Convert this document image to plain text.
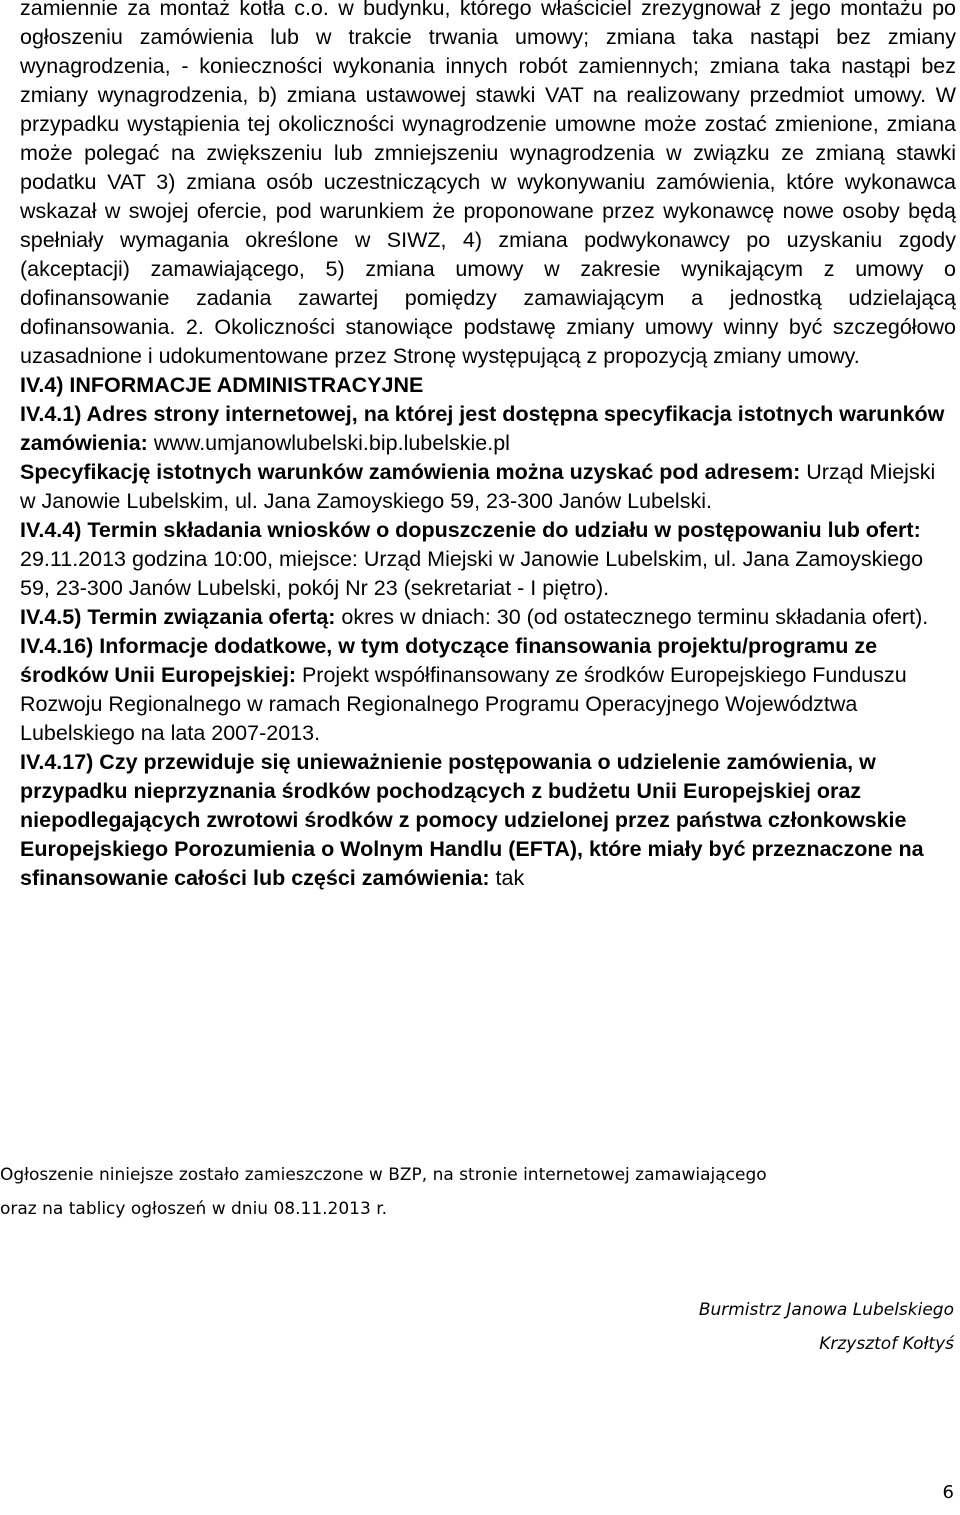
zamiennie za montaż kotła c.o. w budynku, którego właściciel zrezygnował z jego montażu po ogłoszeniu zamówienia lub w trakcie trwania umowy; zmiana taka nastąpi bez zmiany wynagrodzenia, - konieczności wykonania innych robót zamiennych; zmiana taka nastąpi bez zmiany wynagrodzenia, b) zmiana ustawowej stawki VAT na realizowany przedmiot umowy. W przypadku wystąpienia tej okoliczności wynagrodzenie umowne może zostać zmienione, zmiana może polegać na zwiększeniu lub zmniejszeniu wynagrodzenia w związku ze zmianą stawki podatku VAT 3) zmiana osób uczestniczących w wykonywaniu zamówienia, które wykonawca wskazał w swojej ofercie, pod warunkiem że proponowane przez wykonawcę nowe osoby będą spełniały wymagania określone w SIWZ, 4) zmiana podwykonawcy po uzyskaniu zgody (akceptacji) zamawiającego, 5) zmiana umowy w zakresie wynikającym z umowy o dofinansowanie zadania zawartej pomiędzy zamawiającym a jednostką udzielającą dofinansowania. 2. Okoliczności stanowiące podstawę zmiany umowy winny być szczegółowo uzasadnione i udokumentowane przez Stronę występującą z propozycją zmiany umowy.

IV.4) INFORMACJE ADMINISTRACYJNE

IV.4.1) Adres strony internetowej, na której jest dostępna specyfikacja istotnych warunków zamówienia: www.umjanowlubelski.bip.lubelskie.pl

Specyfikację istotnych warunków zamówienia można uzyskać pod adresem: Urząd Miejski w Janowie Lubelskim, ul. Jana Zamoyskiego 59, 23-300 Janów Lubelski.

IV.4.4) Termin składania wniosków o dopuszczenie do udziału w postępowaniu lub ofert: 29.11.2013 godzina 10:00, miejsce: Urząd Miejski w Janowie Lubelskim, ul. Jana Zamoyskiego 59, 23-300 Janów Lubelski, pokój Nr 23 (sekretariat - I piętro).

IV.4.5) Termin związania ofertą: okres w dniach: 30 (od ostatecznego terminu składania ofert).

IV.4.16) Informacje dodatkowe, w tym dotyczące finansowania projektu/programu ze środków Unii Europejskiej: Projekt współfinansowany ze środków Europejskiego Funduszu Rozwoju Regionalnego w ramach Regionalnego Programu Operacyjnego Województwa Lubelskiego na lata 2007-2013.

IV.4.17) Czy przewiduje się unieważnienie postępowania o udzielenie zamówienia, w przypadku nieprzyznania środków pochodzących z budżetu Unii Europejskiej oraz niepodlegających zwrotowi środków z pomocy udzielonej przez państwa członkowskie Europejskiego Porozumienia o Wolnym Handlu (EFTA), które miały być przeznaczone na sfinansowanie całości lub części zamówienia: tak

Ogłoszenie niniejsze zostało zamieszczone w BZP, na stronie internetowej zamawiającego
oraz na tablicy ogłoszeń w dniu 08.11.2013 r.
Burmistrz Janowa Lubelskiego
Krzysztof Kołtyś
6
